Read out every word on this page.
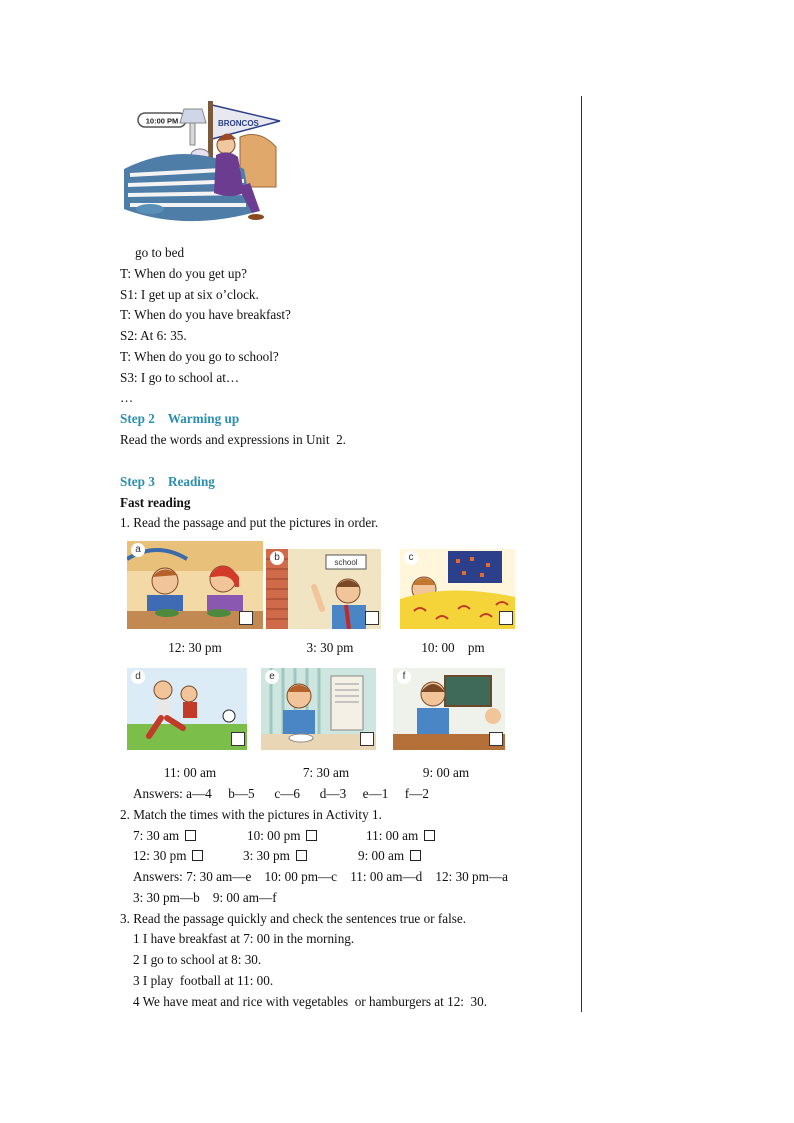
10:00 PM	BRONCOS
go to bed
T: When do you get up?
S1: I get up at six o’clock.
T: When do you have breakfast?
S2: At 6: 35.
T: When do you go to school?
S3: I go to school at…
…
Step 2    Warming up
Read the words and expressions in Unit  2.
Step 3    Reading
Fast reading
1. Read the passage and put the pictures in order.
a
12: 30 pm
school
b
3: 30 pm
c
10: 00    pm
d
11: 00 am
e
7: 30 am
f
9: 00 am
Answers: a—4     b—5      c—6      d—3     e—1     f—2
2. Match the times with the pictures in Activity 1.
7: 30 am	10: 00 pm	11: 00 am
12: 30 pm	3: 30 pm	9: 00 am
Answers: 7: 30 am—e    10: 00 pm—c    11: 00 am—d    12: 30 pm—a
3: 30 pm—b    9: 00 am—f
3. Read the passage quickly and check the sentences true or false.
1 I have breakfast at 7: 00 in the morning.
2 I go to school at 8: 30.
3 I play  football at 11: 00.
4 We have meat and rice with vegetables  or hamburgers at 12:  30.
